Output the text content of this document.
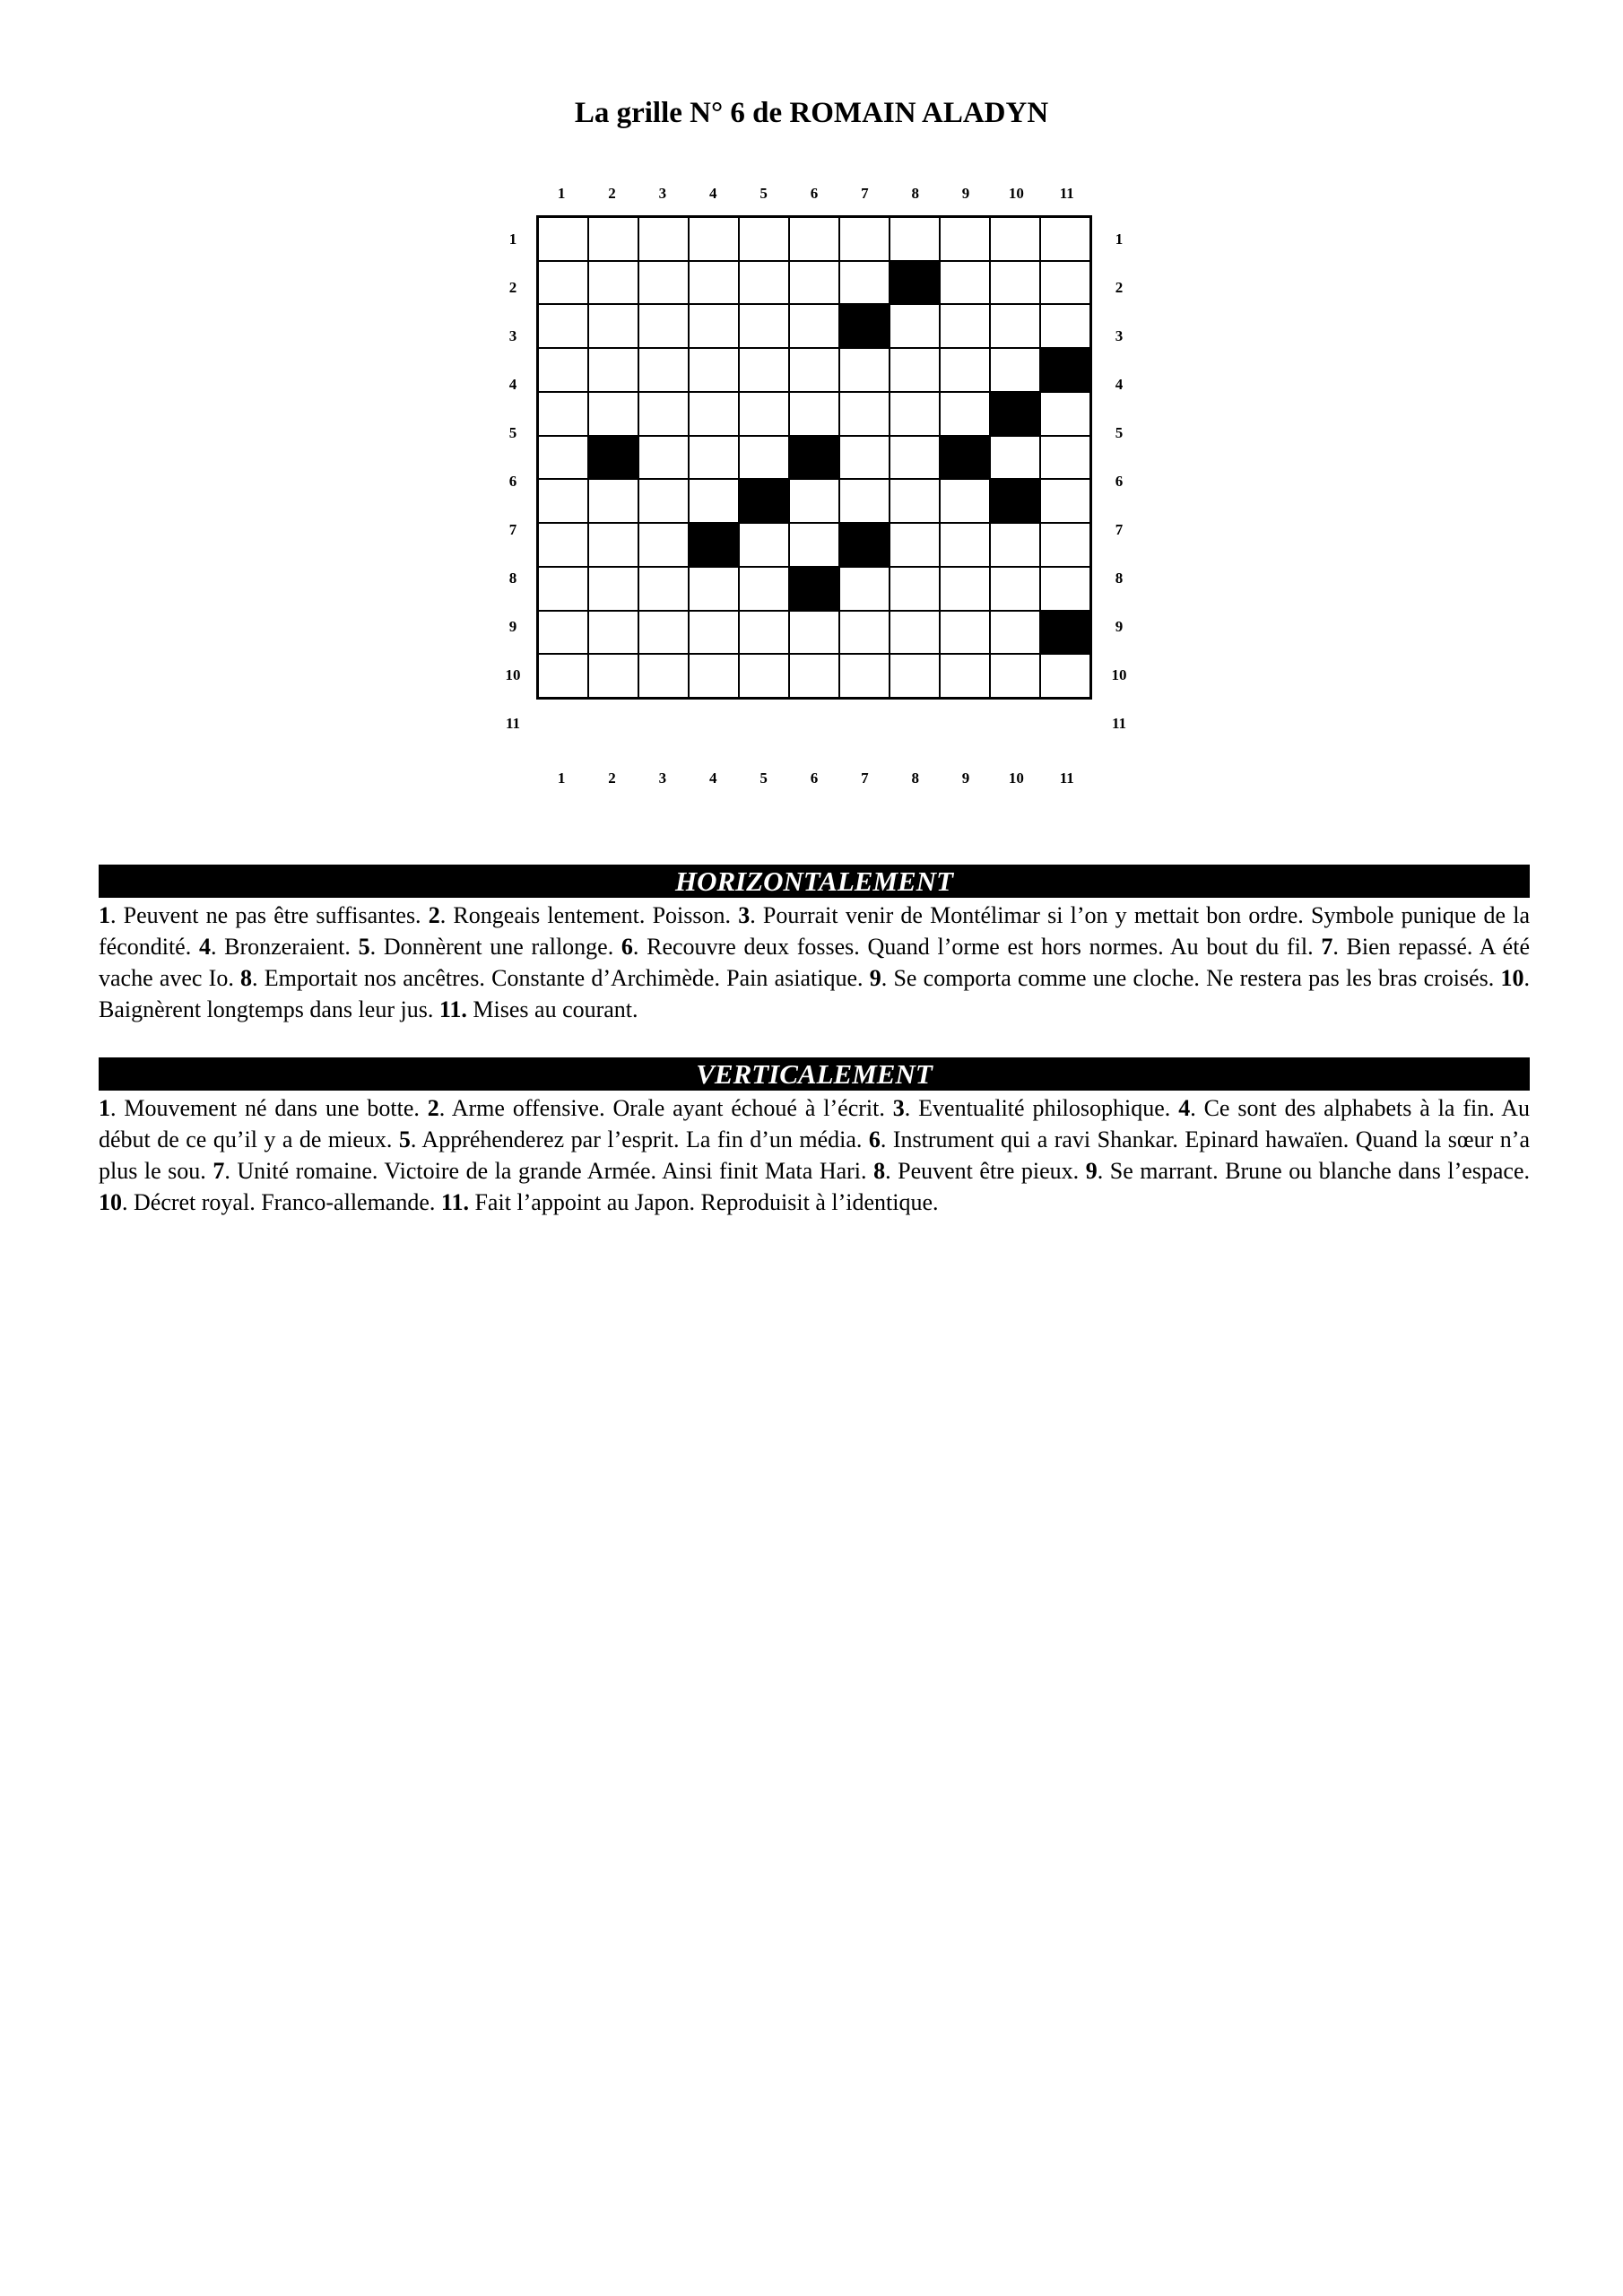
La grille N° 6 de ROMAIN ALADYN
1	2	3	4	5	6	7	8	9	10	11
1
2
3
4
5
6
7
8
9
10
11
1
2
3
4
5
6
7
8
9
10
11
1	2	3	4	5	6	7	8	9	10	11
HORIZONTALEMENT
1. Peuvent ne pas être suffisantes. 2. Rongeais lentement. Poisson. 3. Pourrait venir de Montélimar si l’on y mettait bon ordre. Symbole punique de la fécondité. 4. Bronzeraient. 5. Donnèrent une rallonge. 6. Recouvre deux fosses. Quand l’orme est hors normes. Au bout du fil. 7. Bien repassé. A été vache avec Io. 8. Emportait nos ancêtres. Constante d’Archimède. Pain asiatique. 9. Se comporta comme une cloche. Ne restera pas les bras croisés. 10. Baignèrent longtemps dans leur jus. 11. Mises au courant.
VERTICALEMENT
1. Mouvement né dans une botte. 2. Arme offensive. Orale ayant échoué à l’écrit. 3. Eventualité philosophique. 4. Ce sont des alphabets à la fin. Au début de ce qu’il y a de mieux. 5. Appréhenderez par l’esprit. La fin d’un média. 6. Instrument qui a ravi Shankar. Epinard hawaïen. Quand la sœur n’a plus le sou. 7. Unité romaine. Victoire de la grande Armée. Ainsi finit Mata Hari. 8. Peuvent être pieux. 9. Se marrant. Brune ou blanche dans l’espace. 10. Décret royal. Franco-allemande. 11. Fait l’appoint au Japon. Reproduisit à l’identique.
